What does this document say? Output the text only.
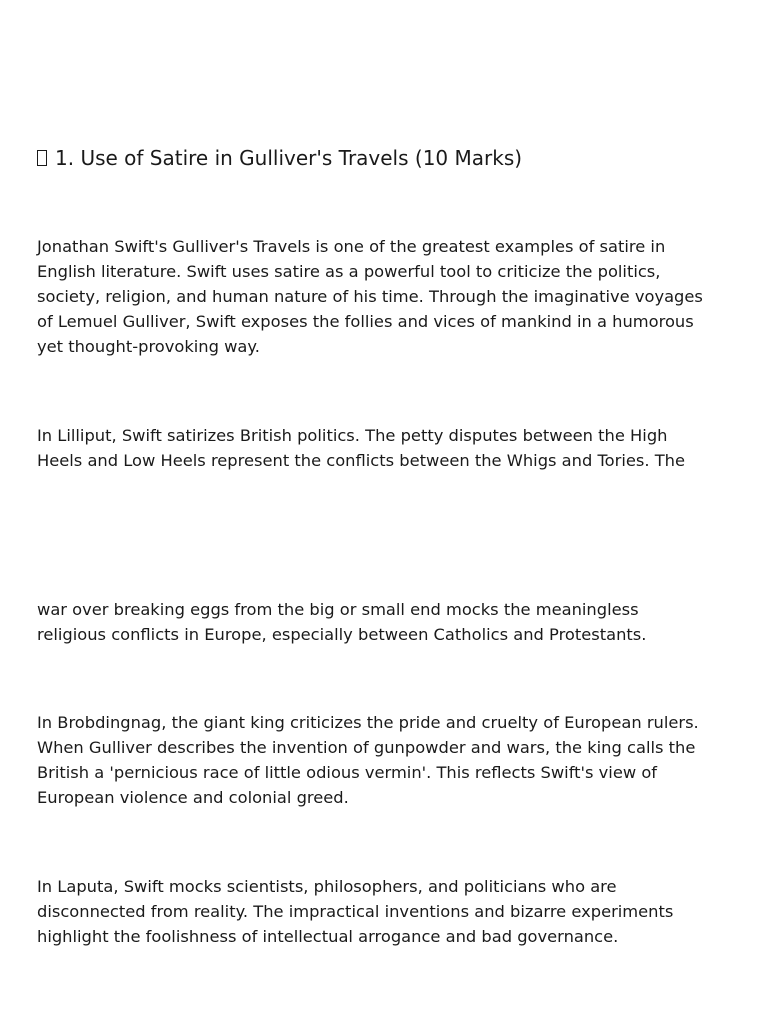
1. Use of Satire in Gulliver's Travels (10 Marks)

Jonathan Swift's Gulliver's Travels is one of the greatest examples of satire in
English literature. Swift uses satire as a powerful tool to criticize the politics,
society, religion, and human nature of his time. Through the imaginative voyages
of Lemuel Gulliver, Swift exposes the follies and vices of mankind in a humorous
yet thought-provoking way.

In Lilliput, Swift satirizes British politics. The petty disputes between the High
Heels and Low Heels represent the conflicts between the Whigs and Tories. The

war over breaking eggs from the big or small end mocks the meaningless
religious conflicts in Europe, especially between Catholics and Protestants.

In Brobdingnag, the giant king criticizes the pride and cruelty of European rulers.
When Gulliver describes the invention of gunpowder and wars, the king calls the
British a 'pernicious race of little odious vermin'. This reflects Swift's view of
European violence and colonial greed.

In Laputa, Swift mocks scientists, philosophers, and politicians who are
disconnected from reality. The impractical inventions and bizarre experiments
highlight the foolishness of intellectual arrogance and bad governance.
